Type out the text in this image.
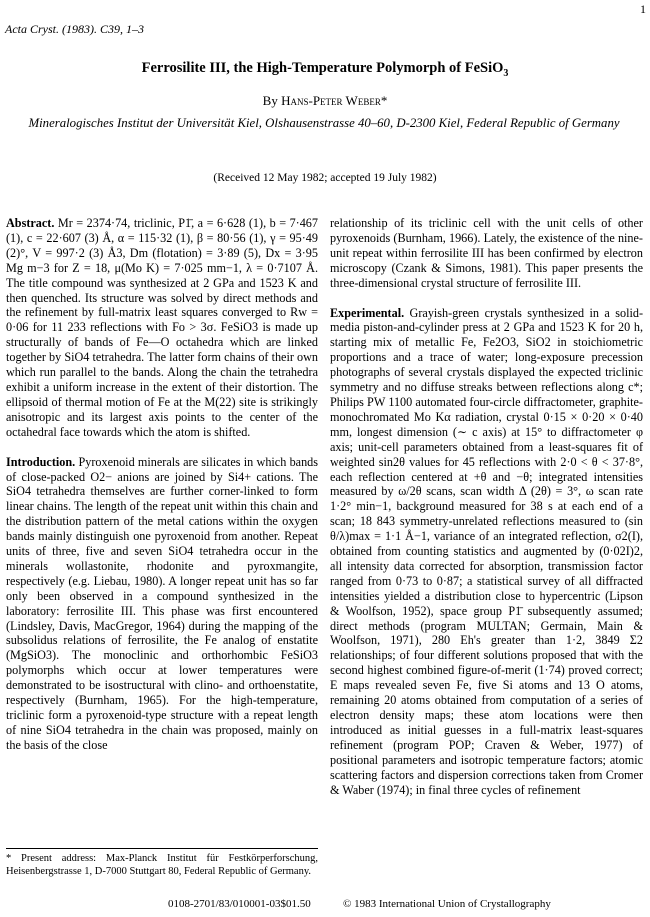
1
Acta Cryst. (1983). C39, 1–3
Ferrosilite III, the High-Temperature Polymorph of FeSiO$_3$
By Hans-Peter Weber*
Mineralogisches Institut der Universität Kiel, Olshausenstrasse 40–60, D-2300 Kiel, Federal Republic of Germany
(Received 12 May 1982; accepted 19 July 1982)

Abstract. Mr = 2374·74, triclinic, P1̄, a = 6·628 (1), b = 7·467 (1), c = 22·607 (3) Å, α = 115·32 (1), β = 80·56 (1), γ = 95·49 (2)°, V = 997·2 (3) Å3, Dm (flotation) = 3·89 (5), Dx = 3·95 Mg m−3 for Z = 18, μ(Mo K) = 7·025 mm−1, λ = 0·7107 Å. The title compound was synthesized at 2 GPa and 1523 K and then quenched. Its structure was solved by direct methods and the refinement by full-matrix least squares converged to Rw = 0·06 for 11 233 reflections with Fo > 3σ. FeSiO3 is made up structurally of bands of Fe—O octahedra which are linked together by SiO4 tetrahedra. The latter form chains of their own which run parallel to the bands. Along the chain the tetrahedra exhibit a uniform increase in the extent of their distortion. The ellipsoid of thermal motion of Fe at the M(22) site is strikingly anisotropic and its largest axis points to the center of the octahedral face towards which the atom is shifted.

Introduction. Pyroxenoid minerals are silicates in which bands of close-packed O2− anions are joined by Si4+ cations. The SiO4 tetrahedra themselves are further corner-linked to form linear chains. The length of the repeat unit within this chain and the distribution pattern of the metal cations within the oxygen bands mainly distinguish one pyroxenoid from another. Repeat units of three, five and seven SiO4 tetrahedra occur in the minerals wollastonite, rhodonite and pyroxmangite, respectively (e.g. Liebau, 1980). A longer repeat unit has so far only been observed in a compound synthesized in the laboratory: ferrosilite III. This phase was first encountered (Lindsley, Davis, MacGregor, 1964) during the mapping of the subsolidus relations of ferrosilite, the Fe analog of enstatite (MgSiO3). The monoclinic and orthorhombic FeSiO3 polymorphs which occur at lower temperatures were demonstrated to be isostructural with clino- and orthoenstatite, respectively (Burnham, 1965). For the high-temperature, triclinic form a pyroxenoid-type structure with a repeat length of nine SiO4 tetrahedra in the chain was proposed, mainly on the basis of the close

relationship of its triclinic cell with the unit cells of other pyroxenoids (Burnham, 1966). Lately, the existence of the nine-unit repeat within ferrosilite III has been confirmed by electron microscopy (Czank & Simons, 1981). This paper presents the three-dimensional crystal structure of ferrosilite III.

Experimental. Grayish-green crystals synthesized in a solid-media piston-and-cylinder press at 2 GPa and 1523 K for 20 h, starting mix of metallic Fe, Fe2O3, SiO2 in stoichiometric proportions and a trace of water; long-exposure precession photographs of several crystals displayed the expected triclinic symmetry and no diffuse streaks between reflections along c*; Philips PW 1100 automated four-circle diffractometer, graphite-monochromated Mo Kα radiation, crystal 0·15 × 0·20 × 0·40 mm, longest dimension (∼ c axis) at 15° to diffractometer φ axis; unit-cell parameters obtained from a least-squares fit of weighted sin2θ values for 45 reflections with 2·0 < θ < 37·8°, each reflection centered at +θ and −θ; integrated intensities measured by ω/2θ scans, scan width Δ (2θ) = 3°, ω scan rate 1·2° min−1, background measured for 38 s at each end of a scan; 18 843 symmetry-unrelated reflections measured to (sin θ/λ)max = 1·1 Å−1, variance of an integrated reflection, σ2(I), obtained from counting statistics and augmented by (0·02I)2, all intensity data corrected for absorption, transmission factor ranged from 0·73 to 0·87; a statistical survey of all diffracted intensities yielded a distribution close to hypercentric (Lipson & Woolfson, 1952), space group P1̄ subsequently assumed; direct methods (program MULTAN; Germain, Main & Woolfson, 1971), 280 Eh's greater than 1·2, 3849 Σ2 relationships; of four different solutions proposed that with the second highest combined figure-of-merit (1·74) proved correct; E maps revealed seven Fe, five Si atoms and 13 O atoms, remaining 20 atoms obtained from computation of a series of electron density maps; these atom locations were then introduced as initial guesses in a full-matrix least-squares refinement (program POP; Craven & Weber, 1977) of positional parameters and isotropic temperature factors; atomic scattering factors and dispersion corrections taken from Cromer & Waber (1974); in final three cycles of refinement

* Present address: Max-Planck Institut für Festkörperforschung, Heisenbergstrasse 1, D-7000 Stuttgart 80, Federal Republic of Germany.
0108-2701/83/010001-03$01.50	© 1983 International Union of Crystallography
